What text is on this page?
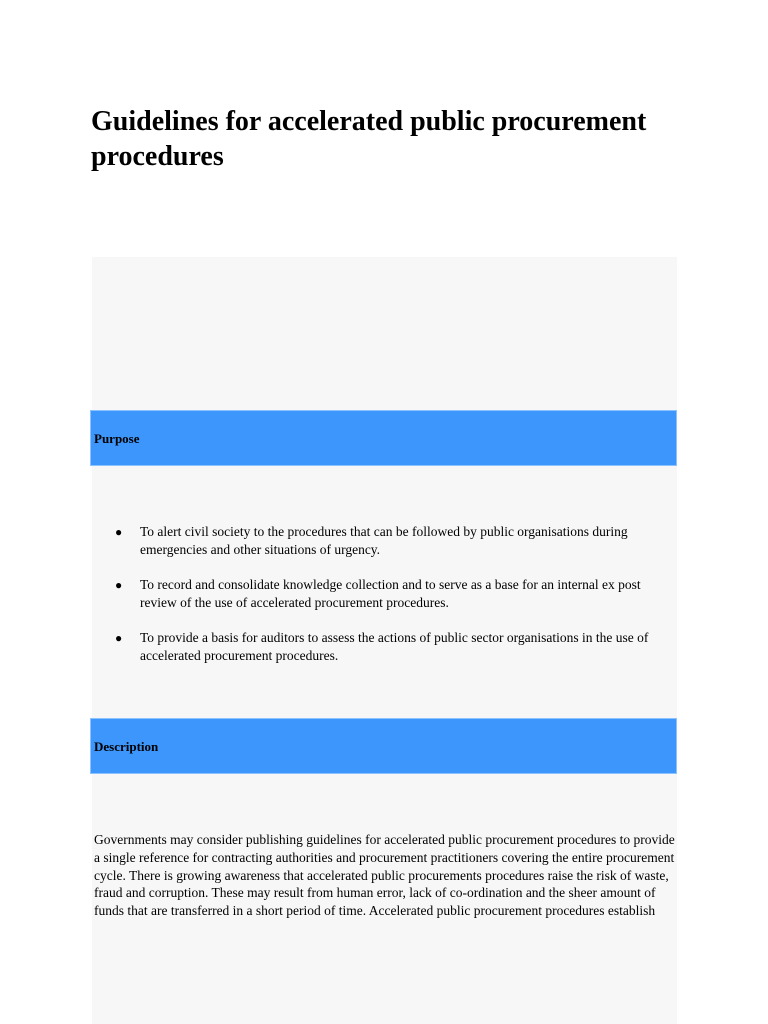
Guidelines for accelerated public procurement procedures
Purpose
● To alert civil society to the procedures that can be followed by public organisations during emergencies and other situations of urgency.
● To record and consolidate knowledge collection and to serve as a base for an internal ex post review of the use of accelerated procurement procedures.
● To provide a basis for auditors to assess the actions of public sector organisations in the use of accelerated procurement procedures.
Description

Governments may consider publishing guidelines for accelerated public procurement procedures to provide a single reference for contracting authorities and procurement practitioners covering the entire procurement cycle. There is growing awareness that accelerated public procurements procedures raise the risk of waste, fraud and corruption. These may result from human error, lack of co-ordination and the sheer amount of funds that are transferred in a short period of time. Accelerated public procurement procedures establish
